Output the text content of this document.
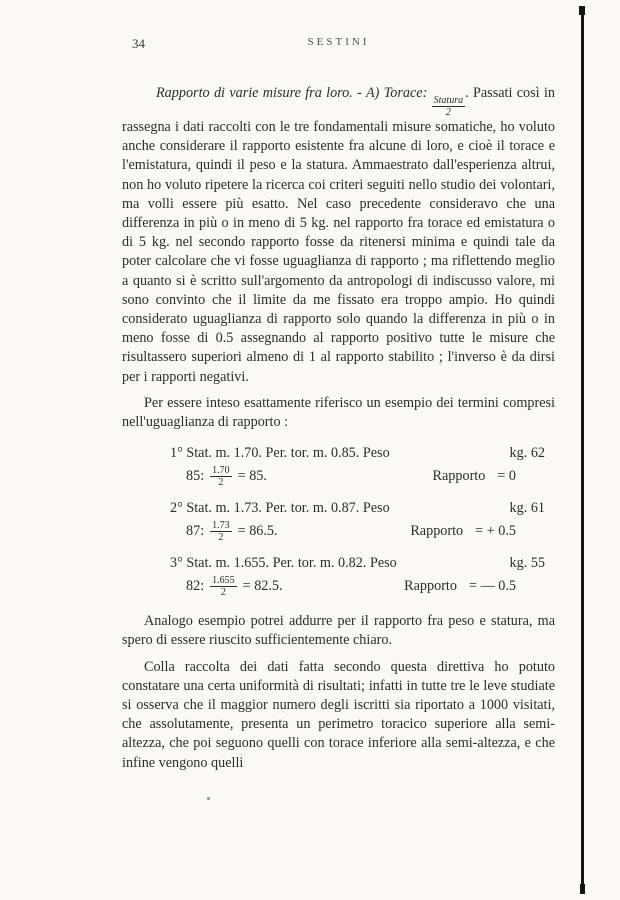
34	SESTINI

Rapporto di varie misure fra loro. - A) Torace:
$\frac{\text{Statura}}{2}$
. Passati così in rassegna i dati raccolti con le tre fondamentali misure somatiche, ho voluto anche considerare il rapporto esistente fra alcune di loro, e cioè il torace e l'emistatura, quindi il peso e la statura. Ammaestrato dall'esperienza altrui, non ho voluto ripetere la ricerca coi criteri seguiti nello studio dei volontari, ma volli essere più esatto. Nel caso precedente consideravo che una differenza in più o in meno di 5 kg. nel rapporto fra torace ed emistatura o di 5 kg. nel secondo rapporto fosse da ritenersi minima e quindi tale da poter calcolare che vi fosse uguaglianza di rapporto ; ma riflettendo meglio a quanto si è scritto sull'argomento da antropologi di indiscusso valore, mi sono convinto che il limite da me fissato era troppo ampio. Ho quindi considerato uguaglianza di rapporto solo quando la differenza in più o in meno fosse di 0.5 assegnando al rapporto positivo tutte le misure che risultassero superiori almeno di 1 al rapporto stabilito ; l'inverso è da dirsi per i rapporti negativi.

Per essere inteso esattamente riferisco un esempio dei termini compresi nell'uguaglianza di rapporto :

1° Stat. m. 1.70. Per. tor. m. 0.85. Peso	kg. 62
85: $\frac{1.70}{2} = 85$.	Rapporto = 0
2° Stat. m. 1.73. Per. tor. m. 0.87. Peso	kg. 61
87: $\frac{1.73}{2} = 86.5$.	Rapporto = + 0.5
3° Stat. m. 1.655. Per. tor. m. 0.82. Peso	kg. 55
82: $\frac{1.655}{2} = 82.5$.	Rapporto = — 0.5

Analogo esempio potrei addurre per il rapporto fra peso e statura, ma spero di essere riuscito sufficientemente chiaro.

Colla raccolta dei dati fatta secondo questa direttiva ho potuto constatare una certa uniformità di risultati; infatti in tutte tre le leve studiate si osserva che il maggior numero degli iscritti sia riportato a 1000 visitati, che assolutamente, presenta un perimetro toracico superiore alla semi-altezza, che poi seguono quelli con torace inferiore alla semi-altezza, e che infine vengono quelli
